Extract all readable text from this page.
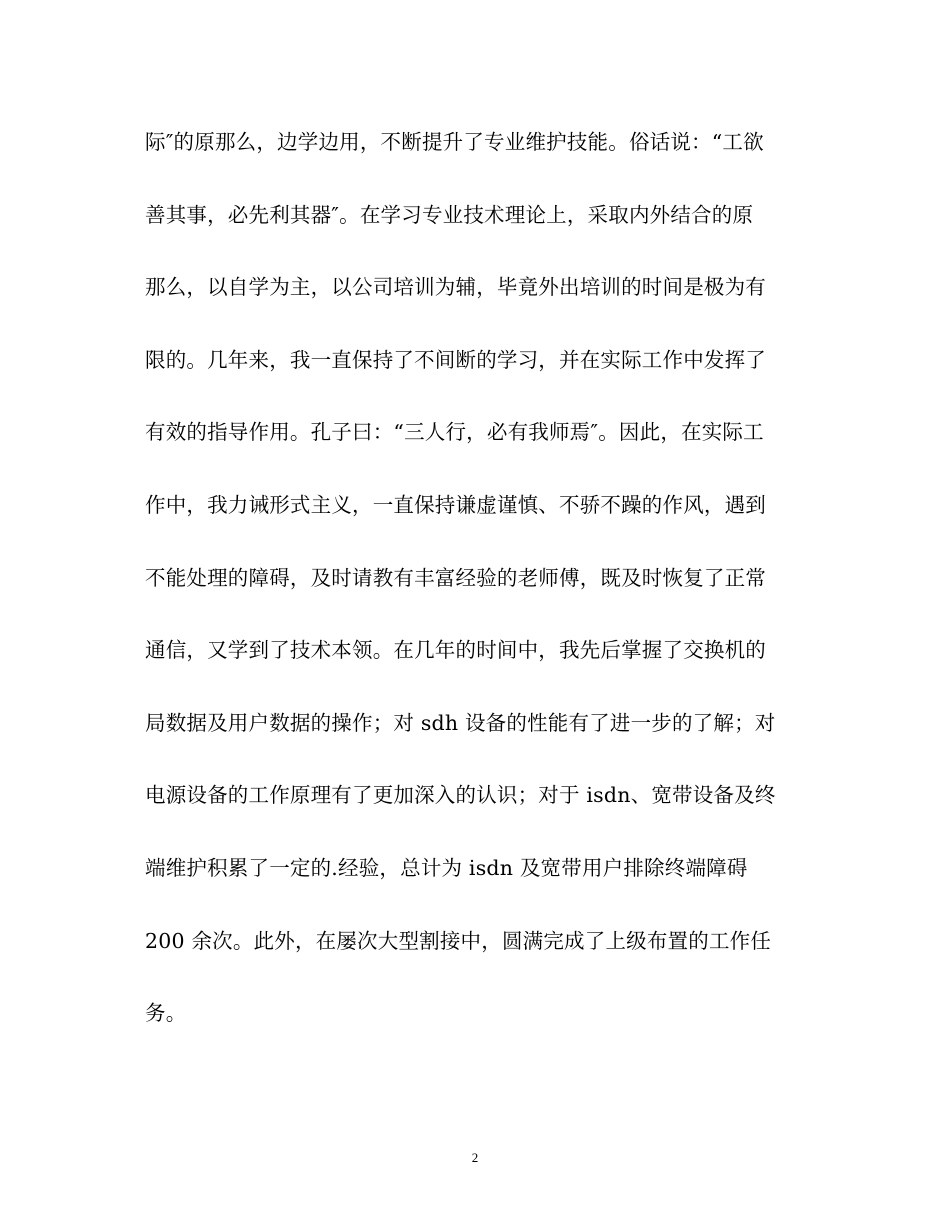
际″的原那么，边学边用，不断提升了专业维护技能。俗话说：“工欲
善其事，必先利其器″。在学习专业技术理论上，采取内外结合的原
那么，以自学为主，以公司培训为辅，毕竟外出培训的时间是极为有
限的。几年来，我一直保持了不间断的学习，并在实际工作中发挥了
有效的指导作用。孔子曰：“三人行，必有我师焉″。因此，在实际工
作中，我力诫形式主义，一直保持谦虚谨慎、不骄不躁的作风，遇到
不能处理的障碍，及时请教有丰富经验的老师傅，既及时恢复了正常
通信，又学到了技术本领。在几年的时间中，我先后掌握了交换机的
局数据及用户数据的操作；对 sdh 设备的性能有了进一步的了解；对
电源设备的工作原理有了更加深入的认识；对于 isdn、宽带设备及终
端维护积累了一定的.经验，总计为 isdn 及宽带用户排除终端障碍
200 余次。此外，在屡次大型割接中，圆满完成了上级布置的工作任
务。
2
